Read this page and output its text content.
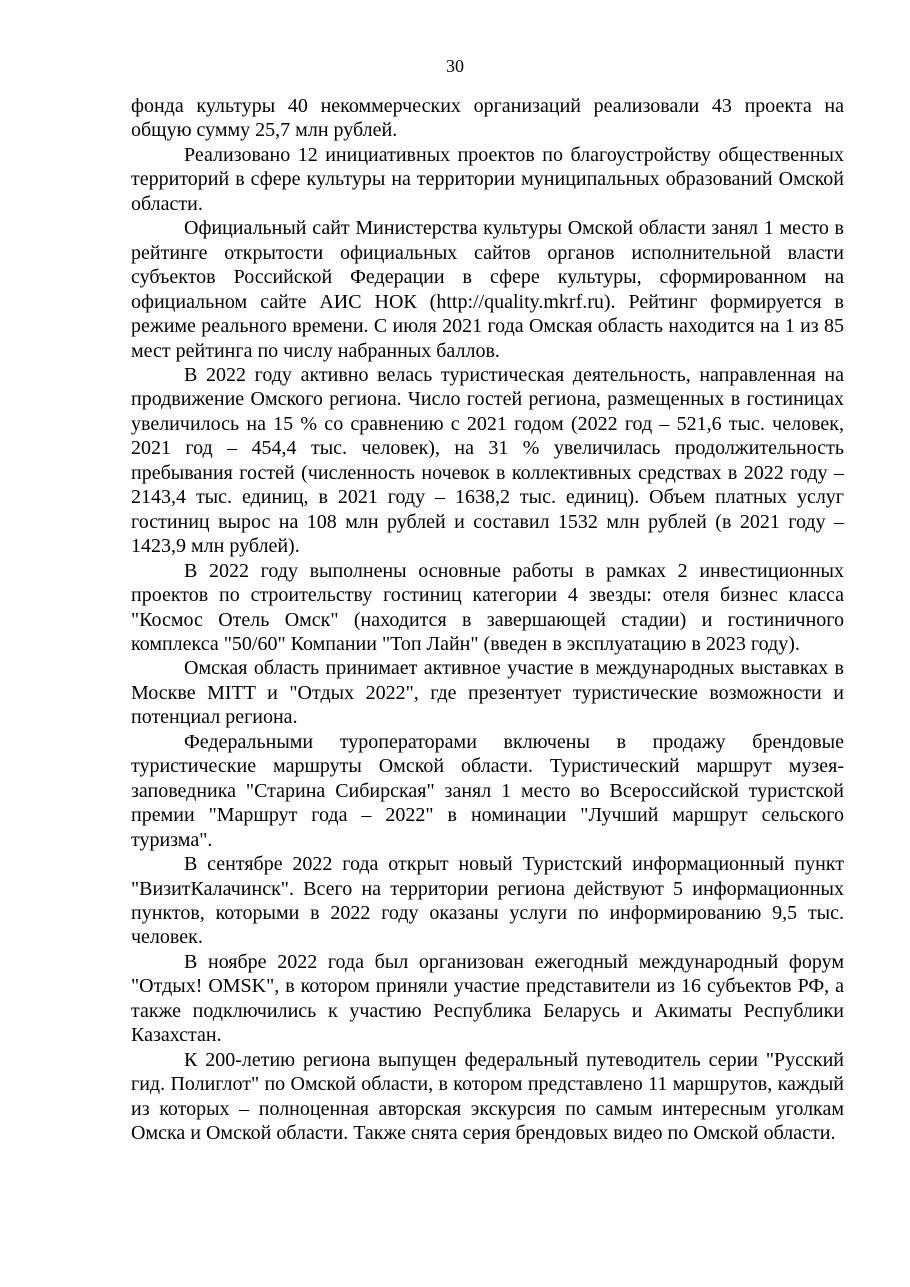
30

фонда культуры 40 некоммерческих организаций реализовали 43 проекта на общую сумму 25,7 млн рублей.

Реализовано 12 инициативных проектов по благоустройству общественных территорий в сфере культуры на территории муниципальных образований Омской области.

Официальный сайт Министерства культуры Омской области занял 1 место в рейтинге открытости официальных сайтов органов исполнительной власти субъектов Российской Федерации в сфере культуры, сформированном на официальном сайте АИС НОК (http://quality.mkrf.ru). Рейтинг формируется в режиме реального времени. С июля 2021 года Омская область находится на 1 из 85 мест рейтинга по числу набранных баллов.

В 2022 году активно велась туристическая деятельность, направленная на продвижение Омского региона. Число гостей региона, размещенных в гостиницах увеличилось на 15 % со сравнению с 2021 годом (2022 год – 521,6 тыс. человек, 2021 год – 454,4 тыс. человек), на 31 % увеличилась продолжительность пребывания гостей (численность ночевок в коллективных средствах в 2022 году – 2143,4 тыс. единиц, в 2021 году – 1638,2 тыс. единиц). Объем платных услуг гостиниц вырос на 108 млн рублей и составил 1532 млн рублей (в 2021 году – 1423,9 млн рублей).

В 2022 году выполнены основные работы в рамках 2 инвестиционных проектов по строительству гостиниц категории 4 звезды: отеля бизнес класса "Космос Отель Омск" (находится в завершающей стадии) и гостиничного комплекса "50/60" Компании "Топ Лайн" (введен в эксплуатацию в 2023 году).

Омская область принимает активное участие в международных выставках в Москве MITT и "Отдых 2022", где презентует туристические возможности и потенциал региона.

Федеральными туроператорами включены в продажу брендовые туристические маршруты Омской области. Туристический маршрут музея-заповедника "Старина Сибирская" занял 1 место во Всероссийской туристской премии "Маршрут года – 2022" в номинации "Лучший маршрут сельского туризма".

В сентябре 2022 года открыт новый Туристский информационный пункт "ВизитКалачинск". Всего на территории региона действуют 5 информационных пунктов, которыми в 2022 году оказаны услуги по информированию 9,5 тыс. человек.

В ноябре 2022 года был организован ежегодный международный форум "Отдых! OMSK", в котором приняли участие представители из 16 субъектов РФ, а также подключились к участию Республика Беларусь и Акиматы Республики Казахстан.

К 200-летию региона выпущен федеральный путеводитель серии "Русский гид. Полиглот" по Омской области, в котором представлено 11 маршрутов, каждый из которых – полноценная авторская экскурсия по самым интересным уголкам Омска и Омской области. Также снята серия брендовых видео по Омской области.
